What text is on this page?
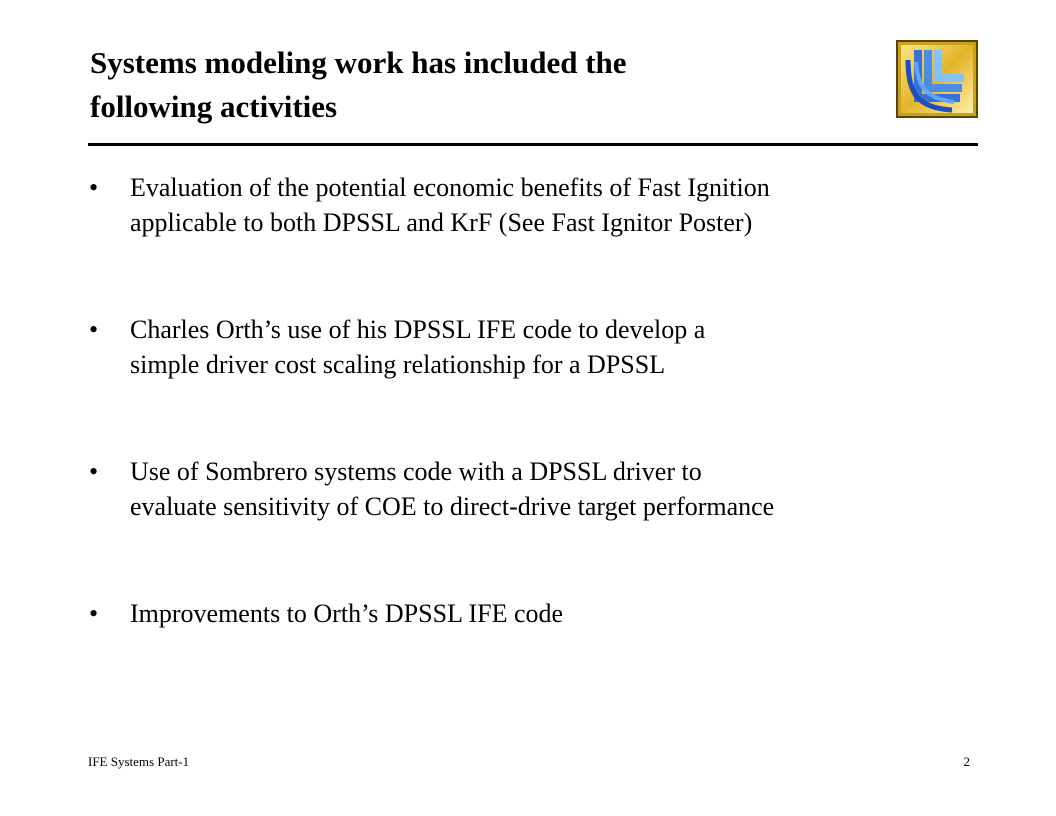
Systems modeling work has included the
following activities
• Evaluation of the potential economic benefits of Fast Ignition
applicable to both DPSSL and KrF (See Fast Ignitor Poster)
• Charles Orth’s use of his DPSSL IFE code to develop a
simple driver cost scaling relationship for a DPSSL
• Use of Sombrero systems code with a DPSSL driver to
evaluate sensitivity of COE to direct-drive target performance
• Improvements to Orth’s DPSSL IFE code
IFE Systems Part-1	2
